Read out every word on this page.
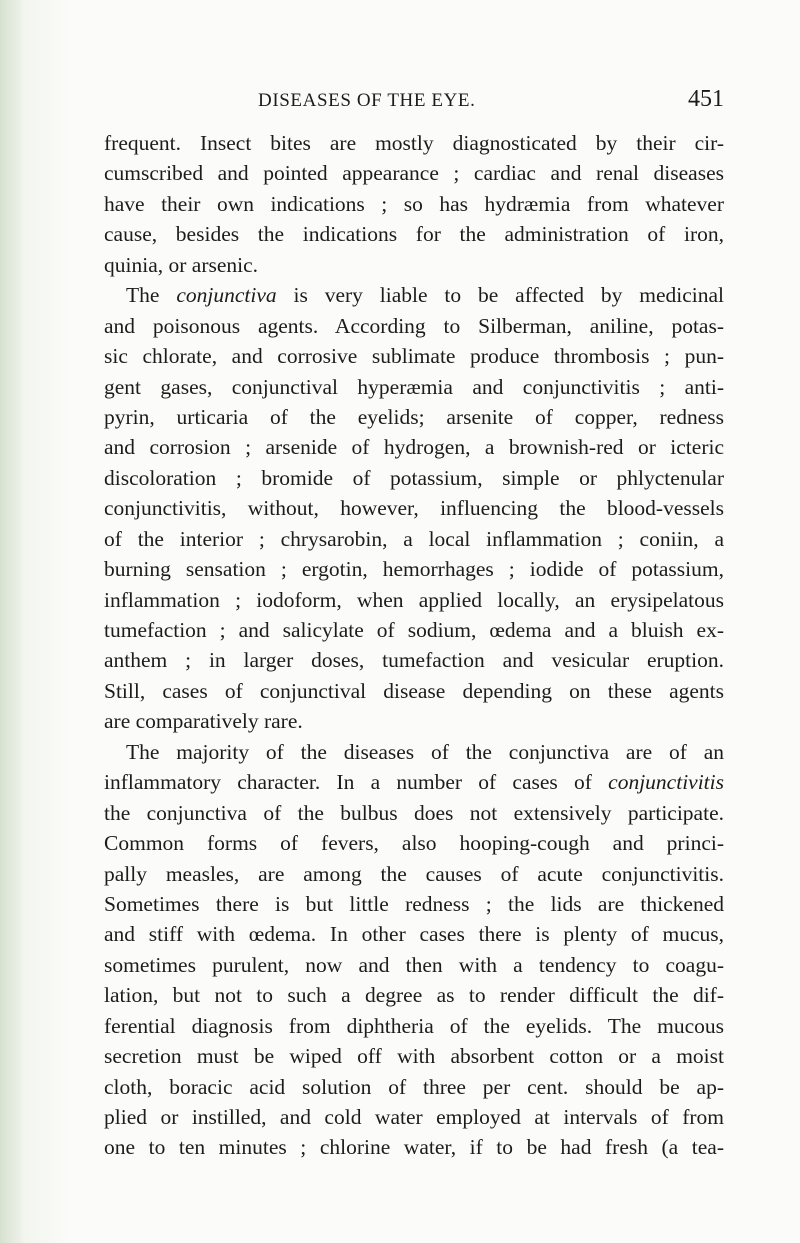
DISEASES OF THE EYE.	451
frequent. Insect bites are mostly diagnosticated by their cir-
cumscribed and pointed appearance ; cardiac and renal diseases
have their own indications ; so has hydræmia from whatever
cause, besides the indications for the administration of iron,
quinia, or arsenic.
The conjunctiva is very liable to be affected by medicinal
and poisonous agents. According to Silberman, aniline, potas-
sic chlorate, and corrosive sublimate produce thrombosis ; pun-
gent gases, conjunctival hyperæmia and conjunctivitis ; anti-
pyrin, urticaria of the eyelids; arsenite of copper, redness
and corrosion ; arsenide of hydrogen, a brownish-red or icteric
discoloration ; bromide of potassium, simple or phlyctenular
conjunctivitis, without, however, influencing the blood-vessels
of the interior ; chrysarobin, a local inflammation ; coniin, a
burning sensation ; ergotin, hemorrhages ; iodide of potassium,
inflammation ; iodoform, when applied locally, an erysipelatous
tumefaction ; and salicylate of sodium, œdema and a bluish ex-
anthem ; in larger doses, tumefaction and vesicular eruption.
Still, cases of conjunctival disease depending on these agents
are comparatively rare.
The majority of the diseases of the conjunctiva are of an
inflammatory character. In a number of cases of conjunctivitis
the conjunctiva of the bulbus does not extensively participate.
Common forms of fevers, also hooping-cough and princi-
pally measles, are among the causes of acute conjunctivitis.
Sometimes there is but little redness ; the lids are thickened
and stiff with œdema. In other cases there is plenty of mucus,
sometimes purulent, now and then with a tendency to coagu-
lation, but not to such a degree as to render difficult the dif-
ferential diagnosis from diphtheria of the eyelids. The mucous
secretion must be wiped off with absorbent cotton or a moist
cloth, boracic acid solution of three per cent. should be ap-
plied or instilled, and cold water employed at intervals of from
one to ten minutes ; chlorine water, if to be had fresh (a tea-
